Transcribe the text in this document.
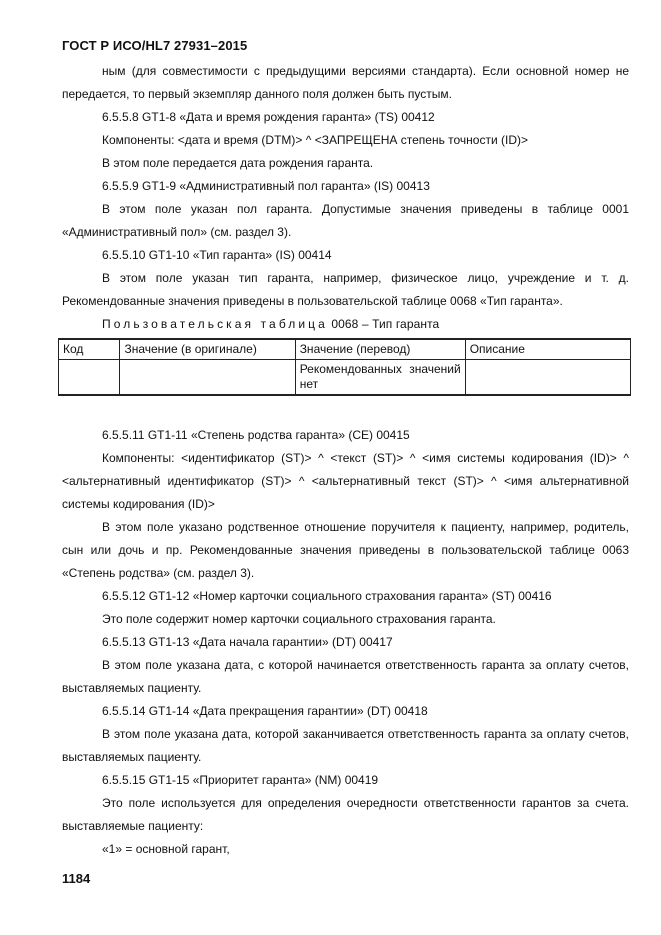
ГОСТ Р ИСО/HL7 27931–2015

ным (для совместимости с предыдущими версиями стандарта). Если основной номер не передается, то первый экземпляр данного поля должен быть пустым.

6.5.5.8 GT1-8 «Дата и время рождения гаранта» (TS) 00412

Компоненты: <дата и время (DTM)> ^ <ЗАПРЕЩЕНА степень точности (ID)>

В этом поле передается дата рождения гаранта.

6.5.5.9 GT1-9 «Административный пол гаранта» (IS) 00413

В этом поле указан пол гаранта. Допустимые значения приведены в таблице 0001 «Административный пол» (см. раздел 3).

6.5.5.10 GT1-10 «Тип гаранта» (IS) 00414

В этом поле указан тип гаранта, например, физическое лицо, учреждение и т. д. Рекомендованные значения приведены в пользовательской таблице 0068 «Тип гаранта».

Пользовательская таблица 0068 – Тип гаранта

Код	Значение (в оригинале)	Значение (перевод)	Описание
		Рекомендованных значений нет	

6.5.5.11 GT1-11 «Степень родства гаранта» (CE) 00415

Компоненты: <идентификатор (ST)> ^ <текст (ST)> ^ <имя системы кодирования (ID)> ^ <альтернативный идентификатор (ST)> ^ <альтернативный текст (ST)> ^ <имя альтернативной системы кодирования (ID)>

В этом поле указано родственное отношение поручителя к пациенту, например, родитель, сын или дочь и пр. Рекомендованные значения приведены в пользовательской таблице 0063 «Степень родства» (см. раздел 3).

6.5.5.12 GT1-12 «Номер карточки социального страхования гаранта» (ST) 00416

Это поле содержит номер карточки социального страхования гаранта.

6.5.5.13 GT1-13 «Дата начала гарантии» (DT) 00417

В этом поле указана дата, с которой начинается ответственность гаранта за оплату счетов, выставляемых пациенту.

6.5.5.14 GT1-14 «Дата прекращения гарантии» (DT) 00418

В этом поле указана дата, которой заканчивается ответственность гаранта за оплату счетов, выставляемых пациенту.

6.5.5.15 GT1-15 «Приоритет гаранта» (NM) 00419

Это поле используется для определения очередности ответственности гарантов за счета. выставляемые пациенту:

«1» = основной гарант,

1184
